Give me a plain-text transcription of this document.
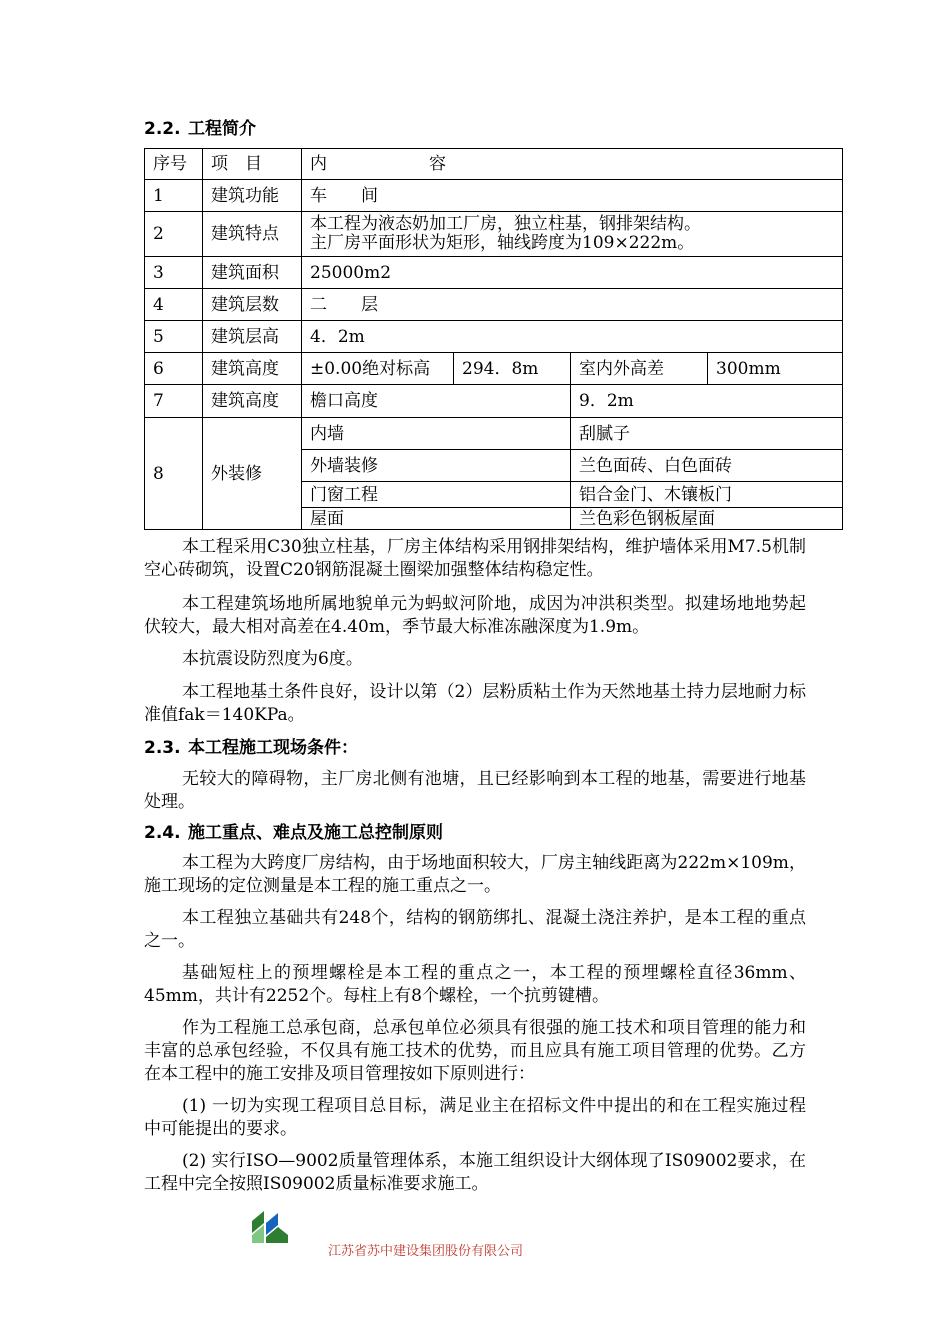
2.2. 工程简介
序号	项　目	内　　　　　　容			
1	建筑功能	车　　间			
2	建筑特点	本工程为液态奶加工厂房，独立柱基，钢排架结构。
主厂房平面形状为矩形，轴线跨度为109×222m。			

3	建筑面积	25000m2			
4	建筑层数	二　　层			
5	建筑层高	4．2m			
6	建筑高度	±0.00绝对标高	294．8m	室内外高差	300mm
7	建筑高度	檐口高度		9．2m	
8	外装修	内墙		刮腻子	
		外墙装修		兰色面砖、白色面砖	
		门窗工程		铝合金门、木镶板门	
		屋面		兰色彩色钢板屋面	

本工程采用C30独立柱基，厂房主体结构采用钢排架结构，维护墙体采用M7.5机制空心砖砌筑，设置C20钢筋混凝土圈梁加强整体结构稳定性。

本工程建筑场地所属地貌单元为蚂蚁河阶地，成因为冲洪积类型。拟建场地地势起伏较大，最大相对高差在4.40m，季节最大标准冻融深度为1.9m。

本抗震设防烈度为6度。

本工程地基土条件良好，设计以第（2）层粉质粘土作为天然地基土持力层地耐力标准值fak＝140KPa。

2.3. 本工程施工现场条件：

无较大的障碍物，主厂房北侧有池塘，且已经影响到本工程的地基，需要进行地基处理。

2.4. 施工重点、难点及施工总控制原则

本工程为大跨度厂房结构，由于场地面积较大，厂房主轴线距离为222m×109m，施工现场的定位测量是本工程的施工重点之一。

本工程独立基础共有248个，结构的钢筋绑扎、混凝土浇注养护，是本工程的重点之一。

基础短柱上的预埋螺栓是本工程的重点之一，本工程的预埋螺栓直径36mm、45mm，共计有2252个。每柱上有8个螺栓，一个抗剪键槽。

作为工程施工总承包商，总承包单位必须具有很强的施工技术和项目管理的能力和丰富的总承包经验，不仅具有施工技术的优势，而且应具有施工项目管理的优势。乙方在本工程中的施工安排及项目管理按如下原则进行：

(1) 一切为实现工程项目总目标，满足业主在招标文件中提出的和在工程实施过程中可能提出的要求。

(2) 实行ISO—9002质量管理体系，本施工组织设计大纲体现了IS09002要求，在工程中完全按照IS09002质量标准要求施工。

江苏省苏中建设集团股份有限公司
